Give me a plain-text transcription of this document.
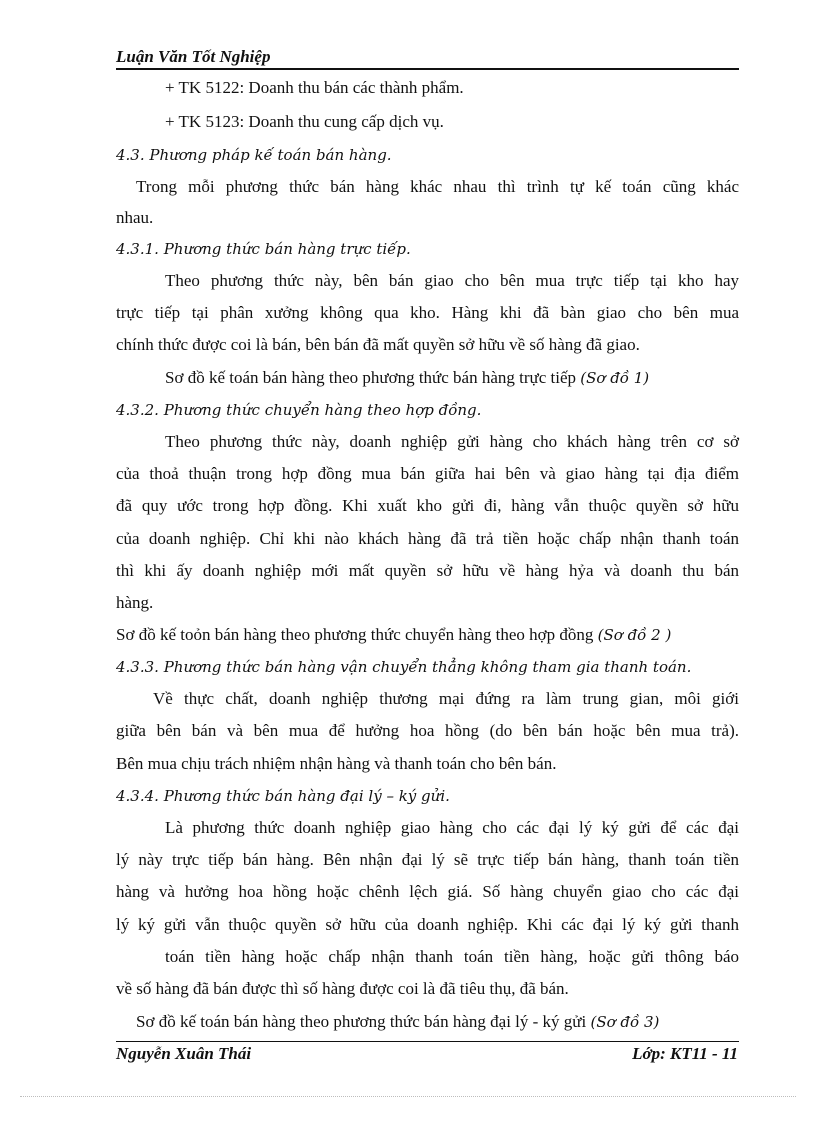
Luận Văn Tốt Nghiệp
+ TK 5122: Doanh thu bán các thành phẩm.
+ TK 5123: Doanh thu cung cấp dịch vụ.
4.3. Phương pháp kế toán bán hàng.
Trong mỗi phương thức bán hàng khác nhau thì trình tự kế toán cũng khác
nhau.
4.3.1. Phương thức bán hàng trực tiếp.
Theo phương thức này, bên bán giao cho bên mua trực tiếp tại kho hay
trực tiếp tại phân xưởng không qua kho. Hàng khi đã bàn giao cho bên mua
chính thức được coi là bán, bên bán đã mất quyền sở hữu về số hàng đã giao.
Sơ đồ kế toán bán hàng theo phương thức bán hàng trực tiếp (Sơ đồ 1)
4.3.2. Phương thức chuyển hàng theo hợp đồng.
Theo phương thức này, doanh nghiệp gửi hàng cho khách hàng trên cơ sở
của thoả thuận trong hợp đồng mua bán giữa hai bên và giao hàng tại địa điểm
đã quy ước trong hợp đồng. Khi xuất kho gửi đi, hàng vẫn thuộc quyền sở hữu
của doanh nghiệp. Chỉ khi nào khách hàng đã trả tiền hoặc chấp nhận thanh toán
thì khi ấy doanh nghiệp mới mất quyền sở hữu về hàng hỷa và doanh thu bán
hàng.
Sơ đồ kế toỏn bán hàng theo phương thức chuyển hàng theo hợp đồng (Sơ đồ 2 )
4.3.3. Phương thức bán hàng vận chuyển thẳng không tham gia thanh toán.
Về thực chất, doanh nghiệp thương mại đứng ra làm trung gian, môi giới
giữa bên bán và bên mua để hưởng hoa hồng (do bên bán hoặc bên mua trả).
Bên mua chịu trách nhiệm nhận hàng và thanh toán cho bên bán.
4.3.4. Phương thức bán hàng đại lý – ký gửi.
Là phương thức doanh nghiệp giao hàng cho các đại lý ký gửi để các đại
lý này trực tiếp bán hàng. Bên nhận đại lý sẽ trực tiếp bán hàng, thanh toán tiền
hàng và hưởng hoa hồng hoặc chênh lệch giá. Số hàng chuyển giao cho các đại
lý ký gửi vẫn thuộc quyền sở hữu của doanh nghiệp. Khi các đại lý ký gửi thanh
toán tiền hàng hoặc chấp nhận thanh toán tiền hàng, hoặc gửi thông báo
về số hàng đã bán được thì số hàng được coi là đã tiêu thụ, đã bán.
Sơ đồ kế toán bán hàng theo phương thức bán hàng đại lý - ký gửi (Sơ đồ 3)
Nguyễn Xuân Thái	Lớp: KT11 - 11
